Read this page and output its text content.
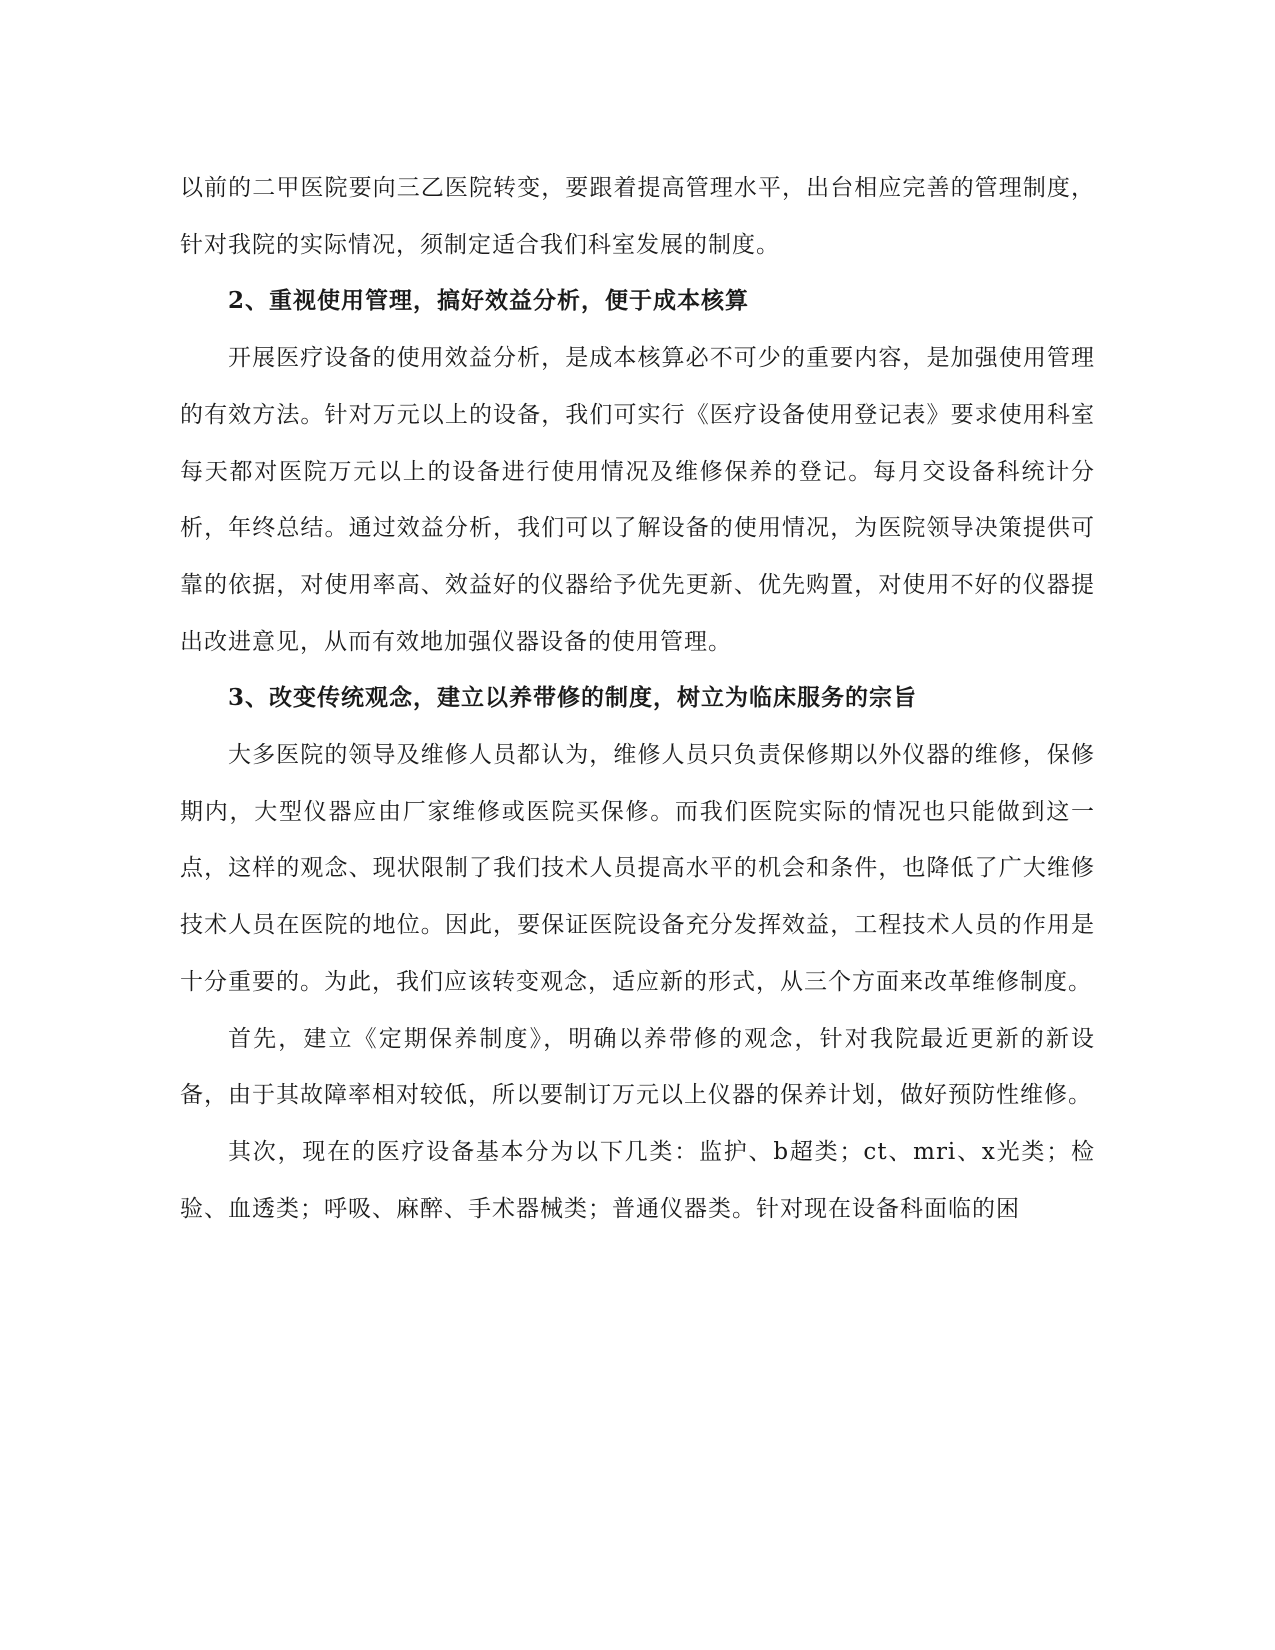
以前的二甲医院要向三乙医院转变，要跟着提高管理水平，出台相应完善的管理制度，针对我院的实际情况，须制定适合我们科室发展的制度。

2、重视使用管理，搞好效益分析，便于成本核算

开展医疗设备的使用效益分析，是成本核算必不可少的重要内容，是加强使用管理的有效方法。针对万元以上的设备，我们可实行《医疗设备使用登记表》要求使用科室每天都对医院万元以上的设备进行使用情况及维修保养的登记。每月交设备科统计分析，年终总结。通过效益分析，我们可以了解设备的使用情况，为医院领导决策提供可靠的依据，对使用率高、效益好的仪器给予优先更新、优先购置，对使用不好的仪器提出改进意见，从而有效地加强仪器设备的使用管理。

3、改变传统观念，建立以养带修的制度，树立为临床服务的宗旨

大多医院的领导及维修人员都认为，维修人员只负责保修期以外仪器的维修，保修期内，大型仪器应由厂家维修或医院买保修。而我们医院实际的情况也只能做到这一点，这样的观念、现状限制了我们技术人员提高水平的机会和条件，也降低了广大维修技术人员在医院的地位。因此，要保证医院设备充分发挥效益，工程技术人员的作用是十分重要的。为此，我们应该转变观念，适应新的形式，从三个方面来改革维修制度。

首先，建立《定期保养制度》，明确以养带修的观念，针对我院最近更新的新设备，由于其故障率相对较低，所以要制订万元以上仪器的保养计划，做好预防性维修。

其次，现在的医疗设备基本分为以下几类：监护、b超类；ct、mri、x光类；检验、血透类；呼吸、麻醉、手术器械类；普通仪器类。针对现在设备科面临的困
